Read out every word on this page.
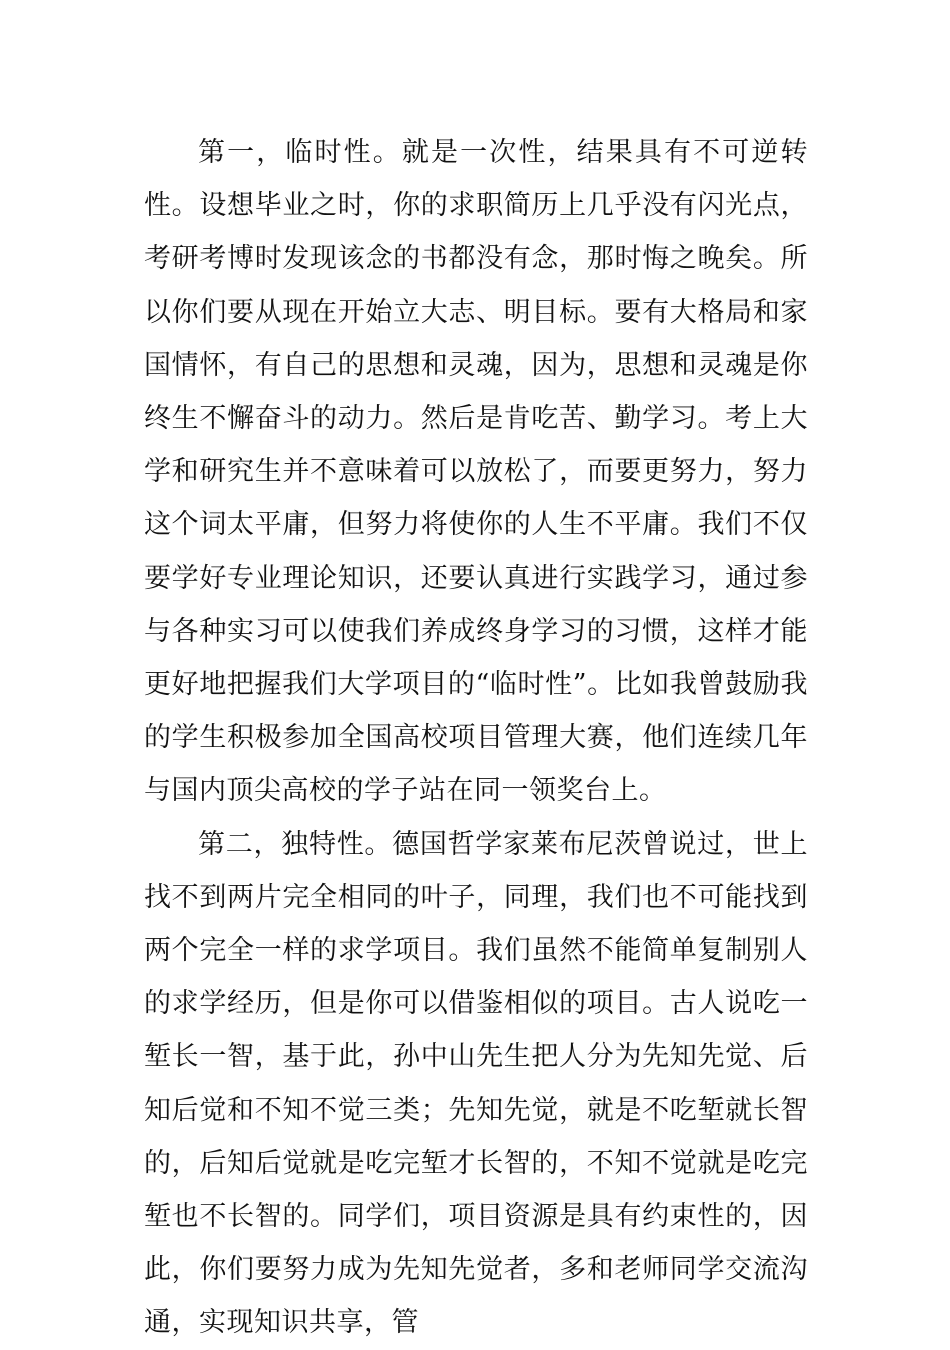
第一，临时性。就是一次性，结果具有不可逆转性。设想毕业之时，你的求职简历上几乎没有闪光点，考研考博时发现该念的书都没有念，那时悔之晚矣。所以你们要从现在开始立大志、明目标。要有大格局和家国情怀，有自己的思想和灵魂，因为，思想和灵魂是你终生不懈奋斗的动力。然后是肯吃苦、勤学习。考上大学和研究生并不意味着可以放松了，而要更努力，努力这个词太平庸，但努力将使你的人生不平庸。我们不仅要学好专业理论知识，还要认真进行实践学习，通过参与各种实习可以使我们养成终身学习的习惯，这样才能更好地把握我们大学项目的“临时性”。比如我曾鼓励我的学生积极参加全国高校项目管理大赛，他们连续几年与国内顶尖高校的学子站在同一领奖台上。

第二，独特性。德国哲学家莱布尼茨曾说过，世上找不到两片完全相同的叶子，同理，我们也不可能找到两个完全一样的求学项目。我们虽然不能简单复制别人的求学经历，但是你可以借鉴相似的项目。古人说吃一堑长一智，基于此，孙中山先生把人分为先知先觉、后知后觉和不知不觉三类；先知先觉，就是不吃堑就长智的，后知后觉就是吃完堑才长智的，不知不觉就是吃完堑也不长智的。同学们，项目资源是具有约束性的，因此，你们要努力成为先知先觉者，多和老师同学交流沟通，实现知识共享，管
